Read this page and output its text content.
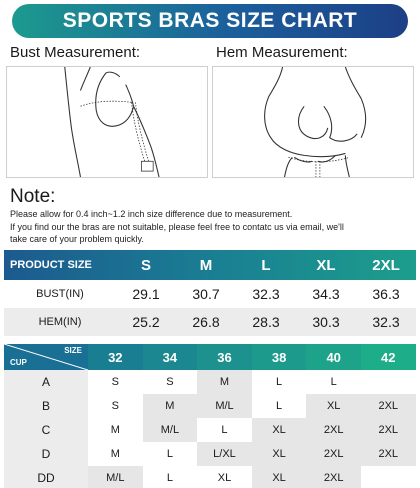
SPORTS BRAS SIZE CHART
Bust Measurement:	Hem Measurement:
Note:
Please allow for 0.4 inch~1.2 inch size difference due to measurement.
If you find our the bras are not suitable, please feel free to contatc us via email, we'll
take care of your problem quickly.
PRODUCT SIZE	S	M	L	XL	2XL
BUST(IN)	29.1	30.7	32.3	34.3	36.3
HEM(IN)	25.2	26.8	28.3	30.3	32.3
SIZE
CUP	32	34	36	38	40	42
A	S	S	M	L	L
B	S	M	M/L	L	XL	2XL
C	M	M/L	L	XL	2XL	2XL
D	M	L	L/XL	XL	2XL	2XL
DD	M/L	L	XL	XL	2XL
